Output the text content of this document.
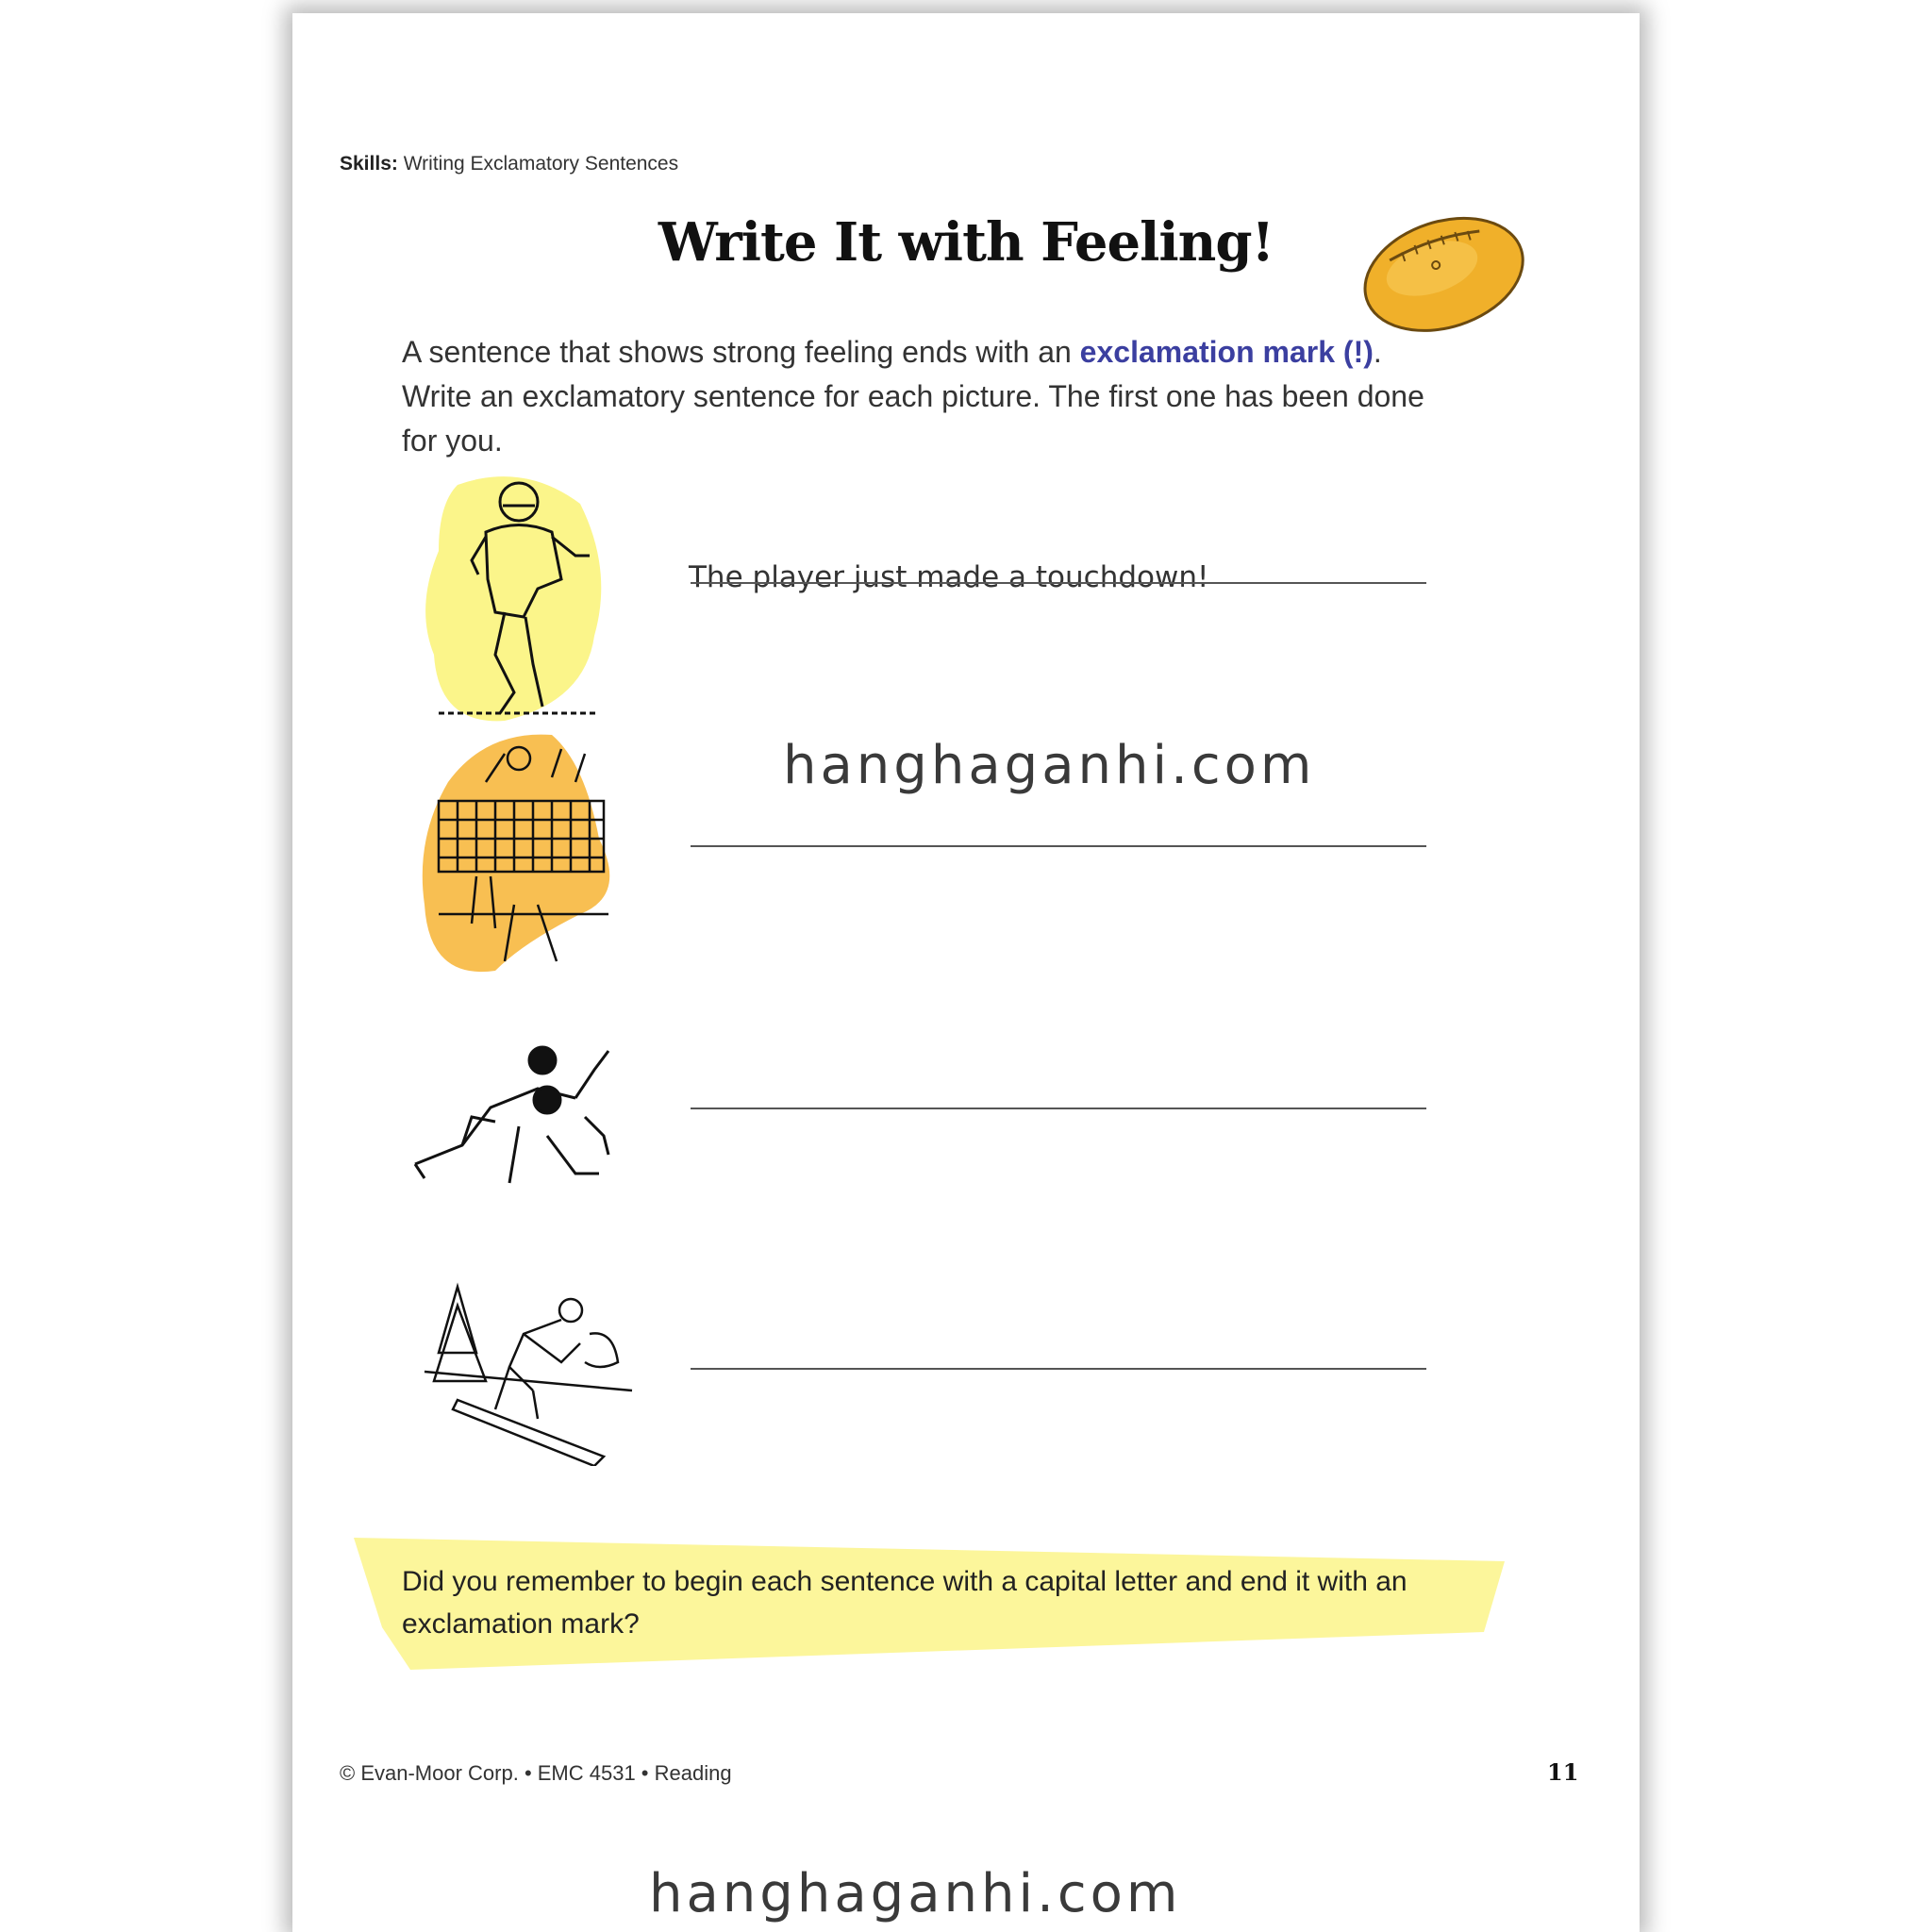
Skills: Writing Exclamatory Sentences
Write It with Feeling!
A sentence that shows strong feeling ends with an exclamation mark (!). Write an exclamatory sentence for each picture. The first one has been done for you.
The player just made a touchdown!
hanghaganhi.com
© Evan-Moor Corp. • EMC 4531 • Reading	11
Did you remember to begin each sentence with a capital letter and end it with an exclamation mark?
hanghaganhi.com
